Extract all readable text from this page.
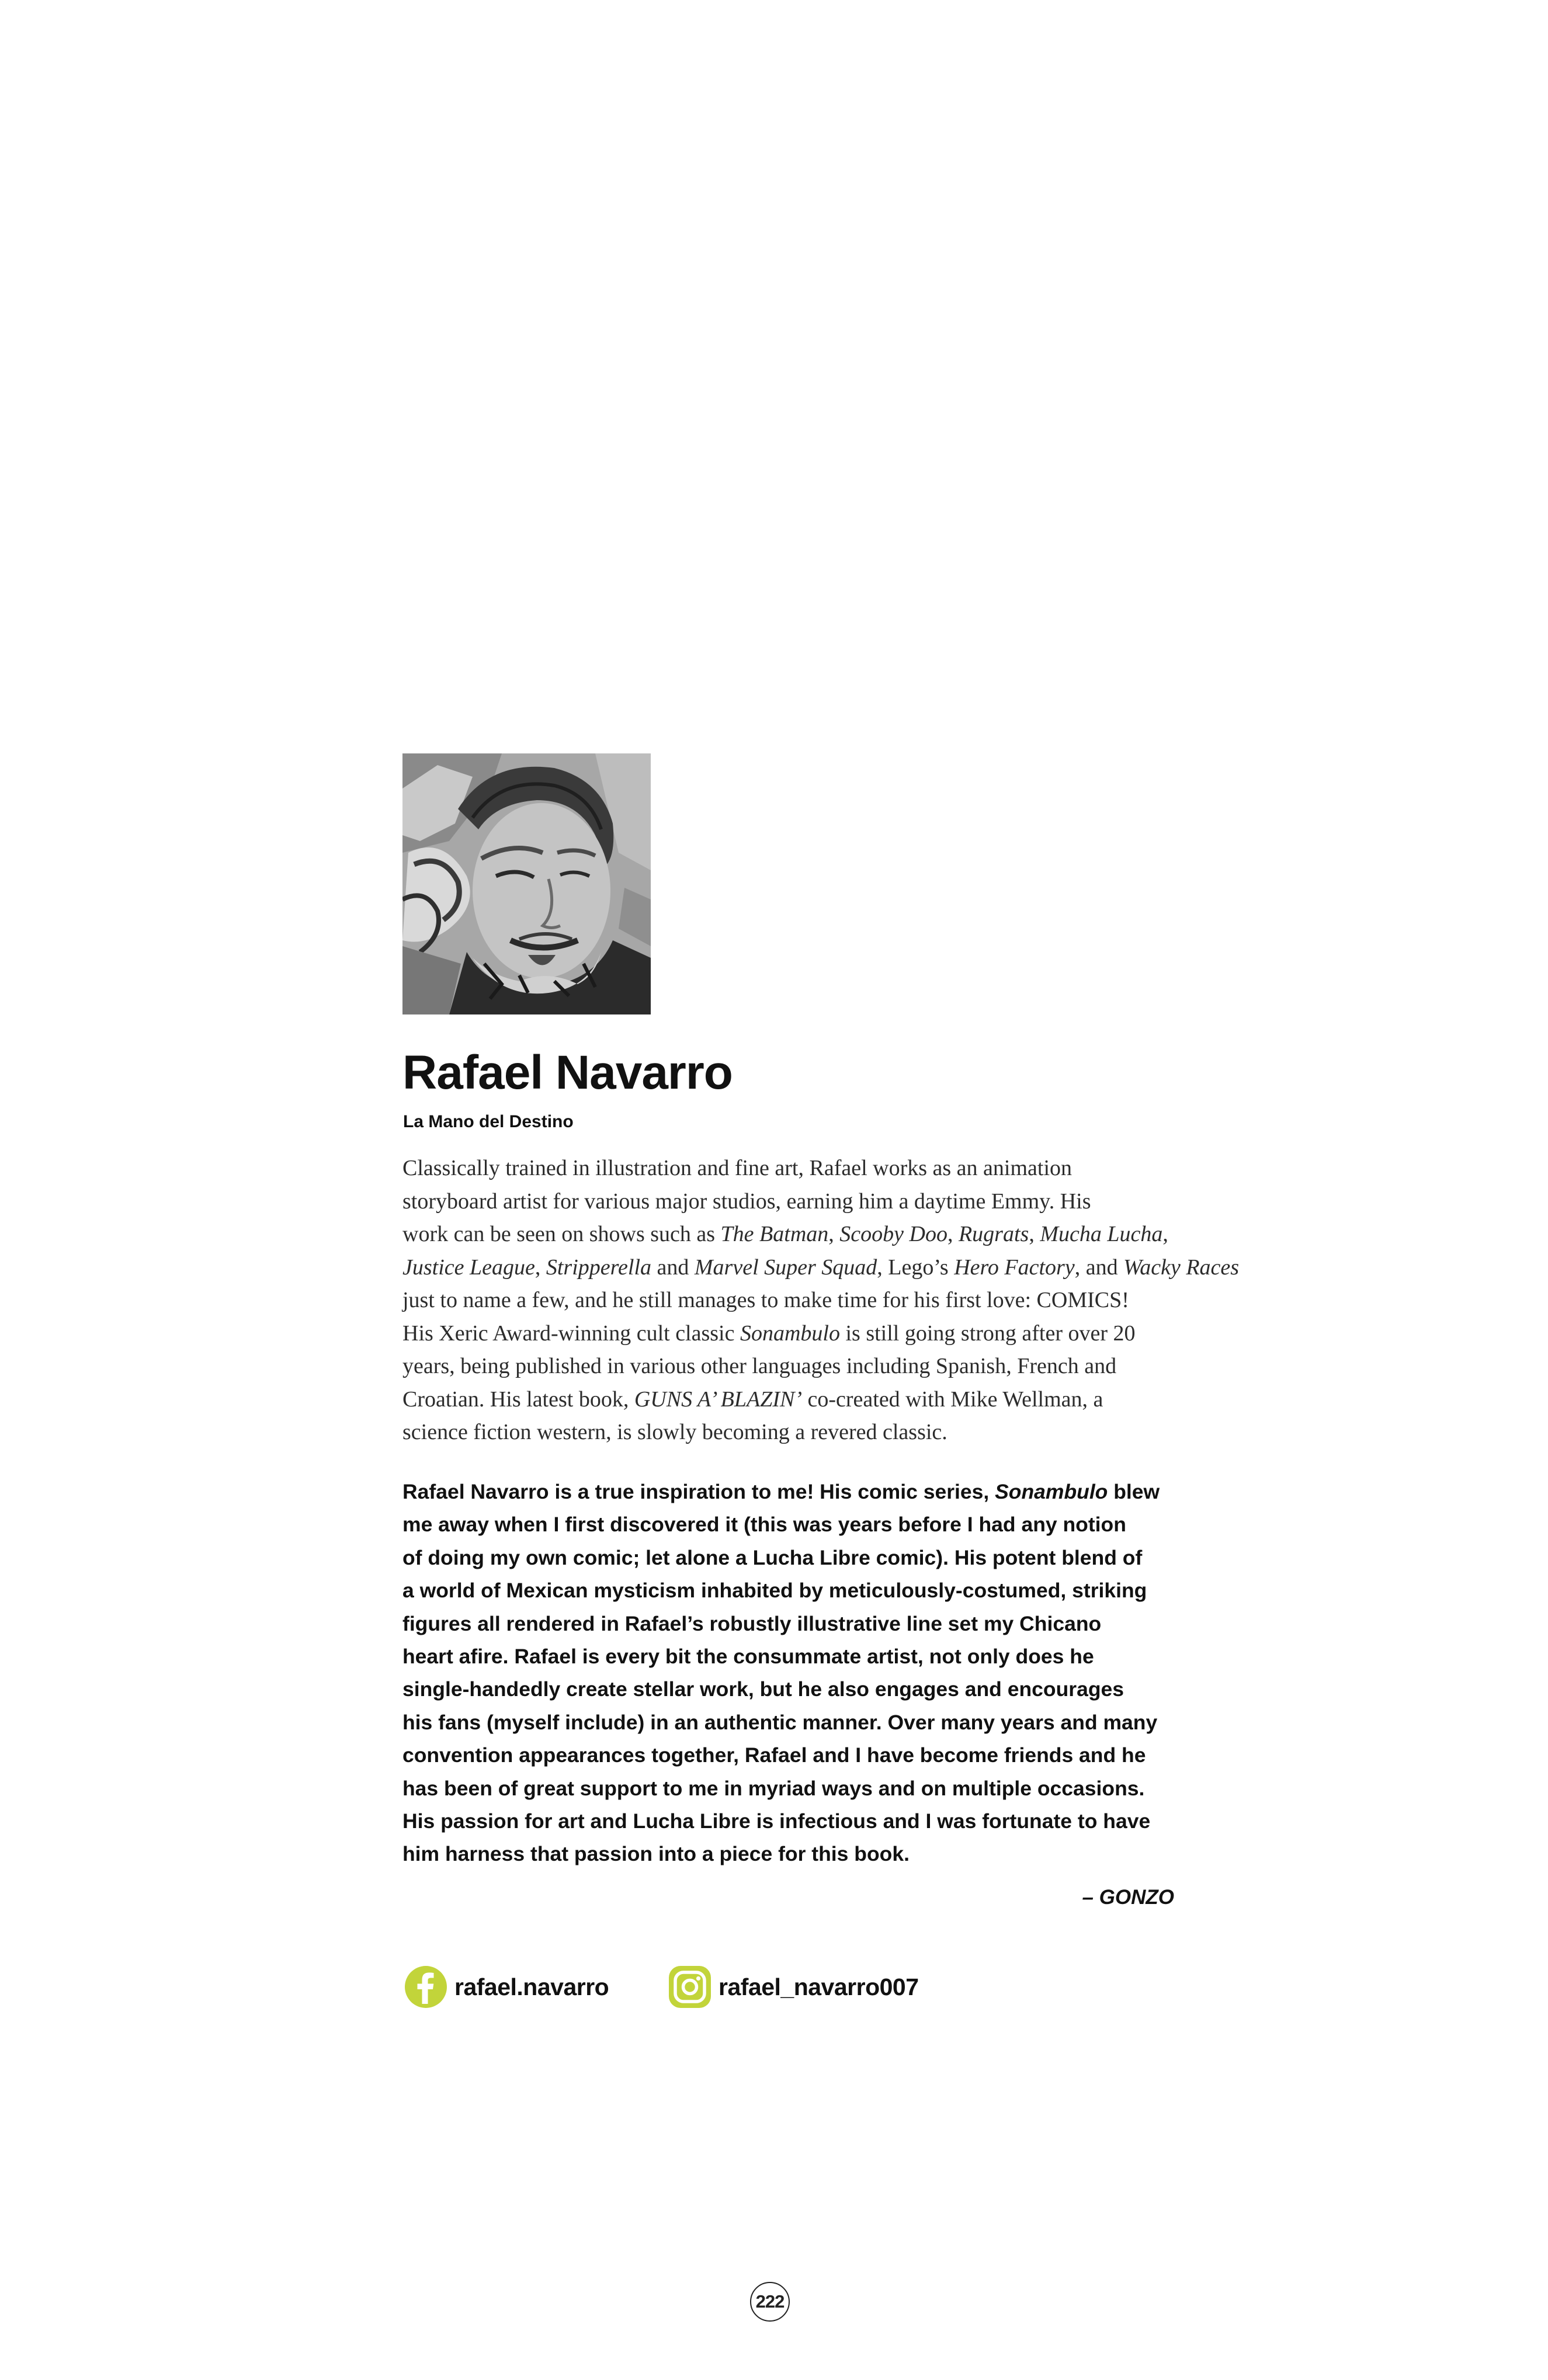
Rafael Navarro
La Mano del Destino
Classically trained in illustration and fine art, Rafael works as an animation
storyboard artist for various major studios, earning him a daytime Emmy. His
work can be seen on shows such as The Batman, Scooby Doo, Rugrats, Mucha Lucha,
Justice League, Stripperella and Marvel Super Squad, Lego’s Hero Factory, and Wacky Races
just to name a few, and he still manages to make time for his first love: COMICS!
His Xeric Award-winning cult classic Sonambulo is still going strong after over 20
years, being published in various other languages including Spanish, French and
Croatian. His latest book, GUNS A’ BLAZIN’ co-created with Mike Wellman, a
science fiction western, is slowly becoming a revered classic.
Rafael Navarro is a true inspiration to me! His comic series, Sonambulo blew
me away when I first discovered it (this was years before I had any notion
of doing my own comic; let alone a Lucha Libre comic). His potent blend of
a world of Mexican mysticism inhabited by meticulously-costumed, striking
figures all rendered in Rafael’s robustly illustrative line set my Chicano
heart afire. Rafael is every bit the consummate artist, not only does he
single-handedly create stellar work, but he also engages and encourages
his fans (myself include) in an authentic manner. Over many years and many
convention appearances together, Rafael and I have become friends and he
has been of great support to me in myriad ways and on multiple occasions.
His passion for art and Lucha Libre is infectious and I was fortunate to have
him harness that passion into a piece for this book.
– GONZO
rafael.navarro	rafael_navarro007
222
